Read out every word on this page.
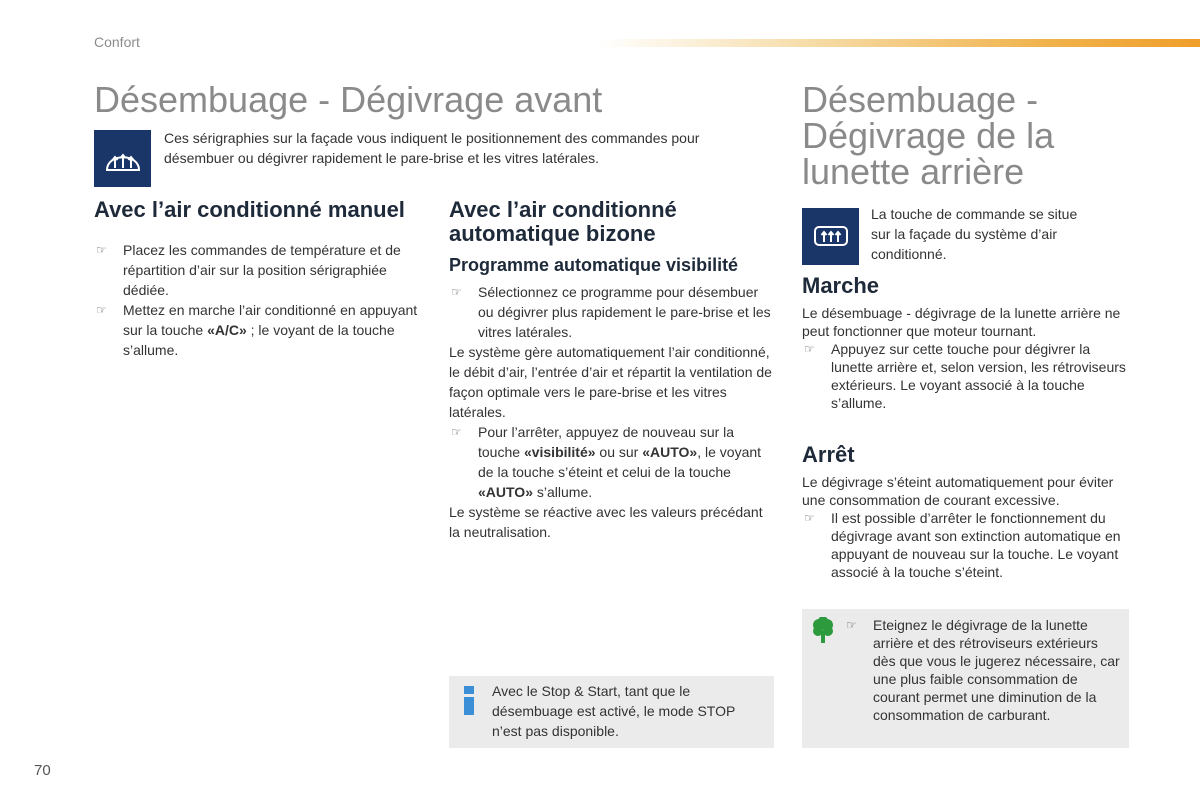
Confort
Désembuage - Dégivrage avant
Ces sérigraphies sur la façade vous indiquent le positionnement des commandes pour désembuer ou dégivrer rapidement le pare-brise et les vitres latérales.
Avec l’air conditionné manuel
☞ Placez les commandes de température et de répartition d’air sur la position sérigraphiée dédiée.
☞ Mettez en marche l’air conditionné en appuyant sur la touche «A/C» ; le voyant de la touche s’allume.
Avec l’air conditionné automatique bizone
Programme automatique visibilité
☞ Sélectionnez ce programme pour désembuer ou dégivrer plus rapidement le pare-brise et les vitres latérales.
Le système gère automatiquement l’air conditionné, le débit d’air, l’entrée d’air et répartit la ventilation de façon optimale vers le pare-brise et les vitres latérales.
☞ Pour l’arrêter, appuyez de nouveau sur la touche «visibilité» ou sur «AUTO», le voyant de la touche s’éteint et celui de la touche «AUTO» s’allume.
Le système se réactive avec les valeurs précédant la neutralisation.
Avec le Stop & Start, tant que le désembuage est activé, le mode STOP n’est pas disponible.
Désembuage - Dégivrage de la lunette arrière
La touche de commande se situe sur la façade du système d’air conditionné.
Marche
Le désembuage - dégivrage de la lunette arrière ne peut fonctionner que moteur tournant.
☞ Appuyez sur cette touche pour dégivrer la lunette arrière et, selon version, les rétroviseurs extérieurs. Le voyant associé à la touche s’allume.
Arrêt
Le dégivrage s’éteint automatiquement pour éviter une consommation de courant excessive.
☞ Il est possible d’arrêter le fonctionnement du dégivrage avant son extinction automatique en appuyant de nouveau sur la touche. Le voyant associé à la touche s’éteint.
☞ Eteignez le dégivrage de la lunette arrière et des rétroviseurs extérieurs dès que vous le jugerez nécessaire, car une plus faible consommation de courant permet une diminution de la consommation de carburant.
70
